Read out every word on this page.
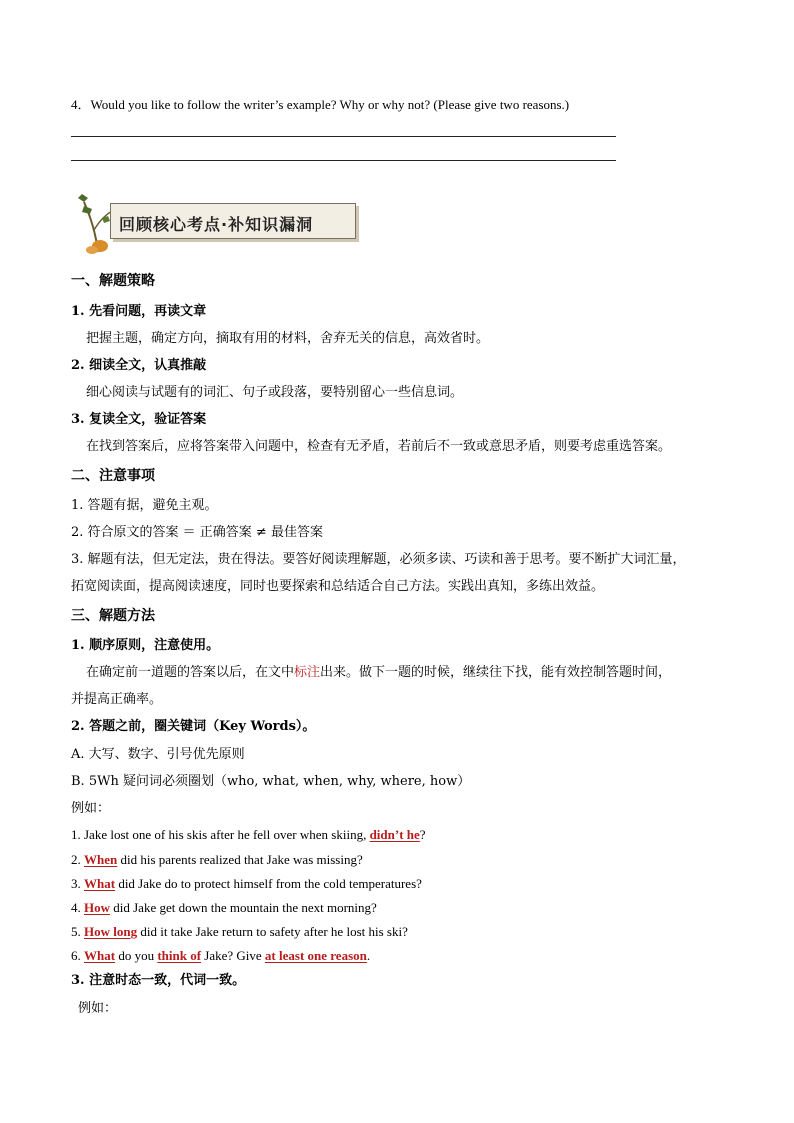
4．Would you like to follow the writer’s example? Why or why not? (Please give two reasons.)
回顾核心考点·补知识漏洞
一、解题策略
1. 先看问题，再读文章
把握主题，确定方向，摘取有用的材料，舍弃无关的信息，高效省时。
2. 细读全文，认真推敲
细心阅读与试题有的词汇、句子或段落，要特别留心一些信息词。
3. 复读全文，验证答案
在找到答案后，应将答案带入问题中，检查有无矛盾，若前后不一致或意思矛盾，则要考虑重选答案。
二、注意事项
1. 答题有据，避免主观。
2. 符合原文的答案 ＝ 正确答案 ≠ 最佳答案
3. 解题有法，但无定法，贵在得法。要答好阅读理解题，必须多读、巧读和善于思考。要不断扩大词汇量，
拓宽阅读面，提高阅读速度，同时也要探索和总结适合自己方法。实践出真知，多练出效益。
三、解题方法
1. 顺序原则，注意使用。
在确定前一道题的答案以后，在文中标注出来。做下一题的时候，继续往下找，能有效控制答题时间，
并提高正确率。
2. 答题之前，圈关键词（Key Words）。
A. 大写、数字、引号优先原则
B. 5Wh 疑问词必须圈划（who, what, when, why, where, how）
例如：
1. Jake lost one of his skis after he fell over when skiing, didn’t he?
2. When did his parents realized that Jake was missing?
3. What did Jake do to protect himself from the cold temperatures?
4. How did Jake get down the mountain the next morning?
5. How long did it take Jake return to safety after he lost his ski?
6. What do you think of Jake? Give at least one reason.
3. 注意时态一致，代词一致。
例如：
